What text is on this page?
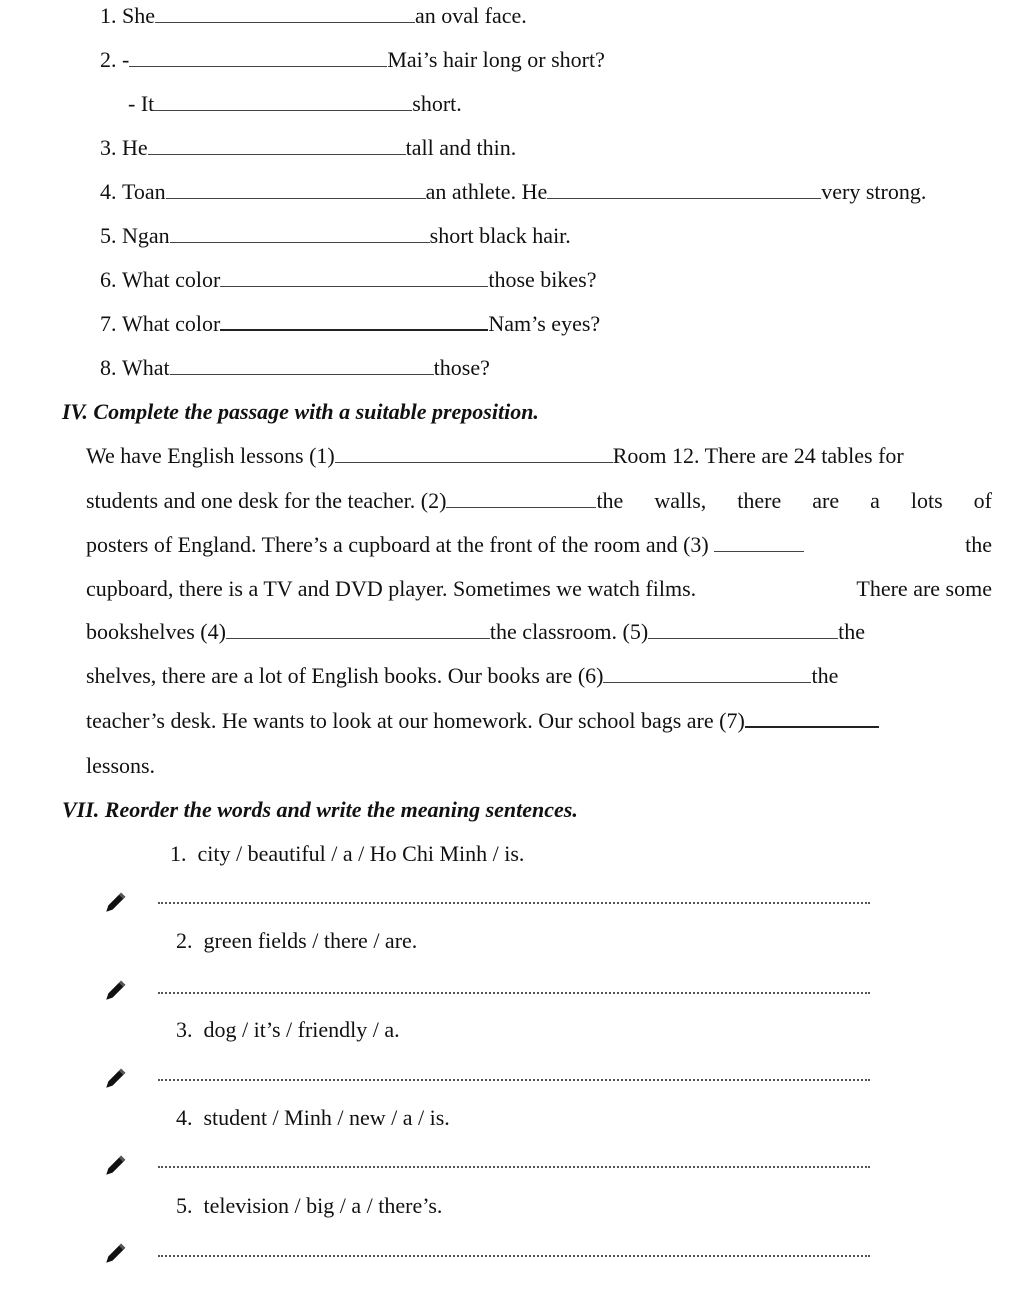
1. She	an oval face.
2. -	Mai’s hair long or short?
- It	short.
3. He	tall and thin.
4. Toan	an athlete. He	very strong.
5. Ngan	short black hair.
6. What color	those bikes?
7. What color	Nam’s eyes?
8. What	those?
IV. Complete the passage with a suitable preposition.
We have English lessons (1)	Room 12. There are 24 tables for
students and one desk for the teacher. (2)	the walls, there are a lots of
posters of England. There’s a cupboard at the front of the room and (3)	the
cupboard, there is a TV and DVD player. Sometimes we watch films.	There are some
bookshelves (4)	the classroom. (5)	the
shelves, there are a lot of English books. Our books are (6)	the
teacher’s desk. He wants to look at our homework. Our school bags are (7)
lessons.
VII. Reorder the words and write the meaning sentences.
1. city / beautiful / a / Ho Chi Minh / is.
2. green fields / there / are.
3. dog / it’s / friendly / a.
4. student / Minh / new / a / is.
5. television / big / a / there’s.
